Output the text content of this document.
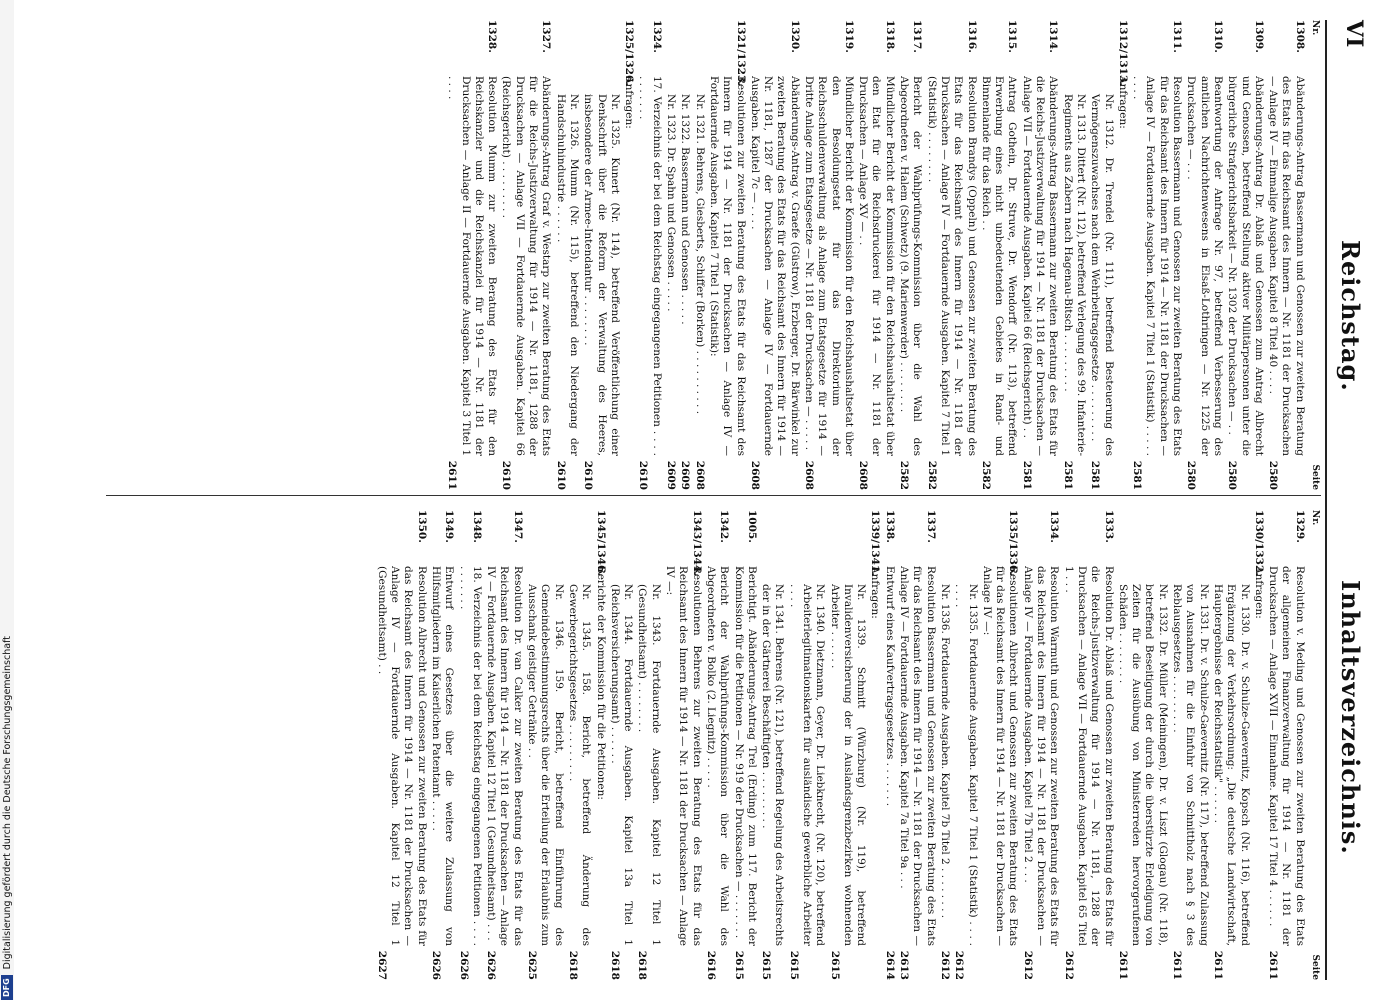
DFG
Digitalisierung gefördert durch die Deutsche Forschungsgemeinschaft
VI
Reichstag.
Inhaltsverzeichnis.
Nr.
Seite
1308.
Abänderungs-Antrag Bassermann und Genossen zur zweiten Beratung des Etats für das Reichsamt des Innern — Nr. 1181 der Drucksachen — Anlage IV — Einmalige Ausgaben. Kapitel 8 Titel 40 . . . .
2580
1309.
Abänderungs-Antrag Dr. Ablaß und Genossen zum Antrag Albrecht und Genossen, betreffend Stellung aktiver Militärpersonen unter die bürgerliche Strafgerichtsbarkeit — Nr. 1302 der Drucksachen — . .
2580
1310.
Beantwortung der Anfrage Nr. 97, betreffend Verbesserung des amtlichen Nachrichtenwesens in Elsaß-Lothringen — Nr. 1225 der Drucksachen — . . .
2580
1311.
Resolution Bassermann und Genossen zur zweiten Beratung des Etats für das Reichsamt des Innern für 1914 — Nr. 1181 der Drucksachen — Anlage IV — Fortdauernde Ausgaben. Kapitel 7 Titel 1 (Statistik) . . . . . . . . .
2581
1312/1313.
Anfragen:
Nr. 1312. Dr. Trendel (Nr. 111), betreffend Besteuerung des Vermögenszuwachses nach dem Wehrbeitragsgesetze . . . . . . . . .
2581
Nr. 1313. Dittert (Nr. 112), betreffend Verlegung des 99. Infanterie-Regiments aus Zabern nach Hagenau-Bitsch . . . . . . . . .
2581
1314.
Abänderungs-Antrag Bassermann zur zweiten Beratung des Etats für die Reichs-Justizverwaltung für 1914 — Nr. 1181 der Drucksachen — Anlage VII — Fortdauernde Ausgaben. Kapitel 66 (Reichsgericht) . .
2581
1315.
Antrag Gothein, Dr. Struve, Dr. Wendorff (Nr. 113), betreffend Erwerbung eines nicht unbedeutenden Gebietes in Rand- und Binnenlande für das Reich . .
2582
1316.
Resolution Brandys (Oppeln) und Genossen zur zweiten Beratung des Etats für das Reichsamt des Innern für 1914 — Nr. 1181 der Drucksachen — Anlage IV — Fortdauernde Ausgaben. Kapitel 7 Titel 1 (Statistik) . . . . . . . .
2582
1317.
Bericht der Wahlprüfungs-Kommission über die Wahl des Abgeordneten v. Halem (Schwetz) (9. Marienwerder) . . . . . . . .
2582
1318.
Mündlicher Bericht der Kommission für den Reichshaushaltsetat über den Etat für die Reichsdruckerei für 1914 — Nr. 1181 der Drucksachen — Anlage XV — . .
2608
1319.
Mündlicher Bericht der Kommission für den Reichshaushaltsetat über den Besoldungsetat für das Direktorium der Reichsschuldenverwaltung als Anlage zum Etatsgesetze für 1914 — Dritte Anlage zum Etatsgesetze — Nr. 1181 der Drucksachen — . . . . .
2608
1320.
Abänderungs-Antrag v. Graefe (Güstrow), Erzberger, Dr. Bärwinkel zur zweiten Beratung des Etats für das Reichsamt des Innern für 1914 — Nr. 1181, 1287 der Drucksachen — Anlage IV — Fortdauernde Ausgaben. Kapitel 7c — . . . .
2608
1321/1323.
Resolutionen zur zweiten Beratung des Etats für das Reichsamt des Innern für 1914 — Nr. 1181 der Drucksachen — Anlage IV — Fortdauernde Ausgaben. Kapitel 7 Titel 1 (Statistik):
Nr. 1321. Behrens, Giesberts, Schiffer (Borken) . . . . . . . . . .
2608
Nr. 1322. Bassermann und Genossen . . . . .
2609
Nr. 1323. Dr. Spahn und Genossen . . . . .
2609
1324.
17. Verzeichnis der bei dem Reichstag eingegangenen Petitionen . . . . . . . . . . .
2610
1325/1326.
Anfragen:
Nr. 1325. Kunert (Nr. 114), betreffend Veröffentlichung einer Denkschrift über die Reform der Verwaltung des Heeres, insbesondere der Armee-Intendantur . . . . . . . .
2610
Nr. 1326. Mumm (Nr. 115), betreffend den Niedergang der Handschuhindustrie . . . . . .
2610
1327.
Abänderungs-Antrag Graf v. Westarp zur zweiten Beratung des Etats für die Reichs-Justizverwaltung für 1914 — Nr. 1181, 1288 der Drucksachen — Anlage VII — Fortdauernde Ausgaben. Kapitel 66 (Reichsgericht) . . . . . . . . .
2610
1328.
Resolution Mumm zur zweiten Beratung des Etats für den Reichskanzler und die Reichskanzlei für 1914 — Nr. 1181 der Drucksachen — Anlage II — Fortdauernde Ausgaben. Kapitel 3 Titel 1 . . . .
2611
Nr.
Seite
1329.
Resolution v. Meding und Genossen zur zweiten Beratung des Etats der allgemeinen Finanzverwaltung für 1914 — Nr. 1181 der Drucksachen — Anlage XVII — Einnahme. Kapitel 17 Titel 4 . . . . . .
2611
1330/1332.
Anfragen:
Nr. 1330. Dr. v. Schulze-Gaevernitz, Kopsch (Nr. 116), betreffend Ergänzung der Verkehrsordnung: „Die deutsche Landwirtschaft, Hauptergebnisse der Reichsstatistik" . . . . . .
2611
Nr. 1331. Dr. v. Schulze-Gaevernitz (Nr. 117), betreffend Zulassung von Ausnahmen für die Einfuhr von Schnittholz nach § 3 des Reblausgesetzes . . . . . . . . .
2611
Nr. 1332. Dr. Müller (Meiningen), Dr. v. Liszt (Glogau) (Nr. 118), betreffend Beseitigung der durch die überstürzte Erledigung von Zeiten für die Ausübung von Ministerreden hervorgerufenen Schäden . . . . . . . .
2611
1333.
Resolution Dr. Ablaß und Genossen zur zweiten Beratung des Etats für die Reichs-Justizverwaltung für 1914 — Nr. 1181, 1288 der Drucksachen — Anlage VII — Fortdauernde Ausgaben. Kapitel 65 Titel 1 . . .
2612
1334.
Resolution Warmuth und Genossen zur zweiten Beratung des Etats für das Reichsamt des Innern für 1914 — Nr. 1181 der Drucksachen — Anlage IV — Fortdauernde Ausgaben. Kapitel 7b Titel 2 . . .
2612
1335/1336.
Resolutionen Albrecht und Genossen zur zweiten Beratung des Etats für das Reichsamt des Innern für 1914 — Nr. 1181 der Drucksachen — Anlage IV —:
Nr. 1335. Fortdauernde Ausgaben. Kapitel 7 Titel 1 (Statistik) . . . . . . . .
2612
Nr. 1336. Fortdauernde Ausgaben. Kapitel 7b Titel 2 . . . . . . . .
2612
1337.
Resolution Bassermann und Genossen zur zweiten Beratung des Etats für das Reichsamt des Innern für 1914 — Nr. 1181 der Drucksachen — Anlage IV — Fortdauernde Ausgaben. Kapitel 7a Titel 9a . . .
2613
1338.
Entwurf eines Kaufvertragsgesetzes . . . . . . .
2614
1339/1341.
Anfragen:
Nr. 1339. Schmitt (Würzburg) (Nr. 119), betreffend Invalidenversicherung der in Auslandsgrenzbezirken wohnenden Arbeiter . . . . . .
2615
Nr. 1340. Dietzmann, Geyer, Dr. Liebknecht, (Nr. 120), betreffend Arbeiterlegitimationskarten für ausländische gewerbliche Arbeiter . . . .
2615
Nr. 1341. Behrens (Nr. 121), betreffend Regelung des Arbeitsrechts der in der Gärtnerei Beschäftigten . . . . . . . . .
2615
1005.
Berichtigt. Abänderungs-Antrag Trel (Erding) zum 117. Bericht der Kommission für die Petitionen — Nr. 919 der Drucksachen — . . . . . . .
2615
1342.
Bericht der Wahlprüfungs-Kommission über die Wahl des Abgeordneten v. Bolko (2. Liegnitz) . . . . .
2616
1343/1344.
Resolutionen Behrens zur zweiten Beratung des Etats für das Reichsamt des Innern für 1914 — Nr. 1181 der Drucksachen — Anlage IV —:
Nr. 1343. Fortdauernde Ausgaben. Kapitel 12 Titel 1 (Gesundheitsamt) . . . . . . . .
2618
Nr. 1344. Fortdauernde Ausgaben. Kapitel 13a Titel 1 (Reichsversicherungsamt) . . . . . .
2618
1345/1346.
Berichte der Kommission für die Petitionen:
Nr. 1345. 158. Bericht, betreffend Änderung des Gewerbegerichtsgesetzes . . . . . . . . .
2618
Nr. 1346. 159. Bericht, betreffend Einführung des Gemeindebestimmungsrechts über die Erteilung der Erlaubnis zum Ausschank geistiger Getränke . .
2625
1347.
Resolution Dr. van Calker zur zweiten Beratung des Etats für das Reichsamt des Innern für 1914 — Nr. 1181 der Drucksachen — Anlage IV — Fortdauernde Ausgaben. Kapitel 12 Titel 1 (Gesundheitsamt) . . .
2626
1348.
18. Verzeichnis der bei dem Reichstag eingegangenen Petitionen . . . . . . . . . . .
2626
1349.
Entwurf eines Gesetzes über die weitere Zulassung von Hilfsmitgliedern im Kaiserlichen Patentamt . . . . .
2626
1350.
Resolution Albrecht und Genossen zur zweiten Beratung des Etats für das Reichsamt des Innern für 1914 — Nr. 1181 der Drucksachen — Anlage IV — Fortdauernde Ausgaben. Kapitel 12 Titel 1 (Gesundheitsamt) . .
2627
